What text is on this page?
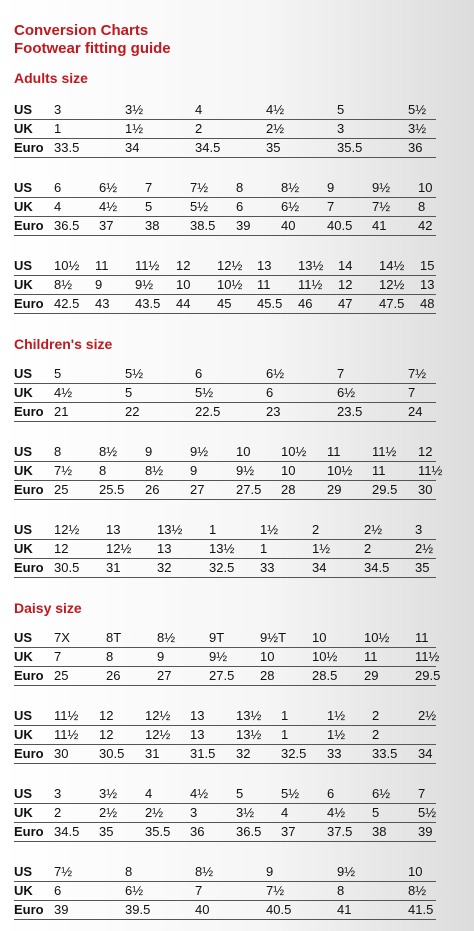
Conversion Charts
Footwear fitting guide
Adults size
US 3	3½	4	4½	5	5½
UK 1	1½	2	2½	3	3½
Euro 33.5	34	34.5	35	35.5	36
US 6	6½ 7	7½ 8	8½ 9	9½ 10
UK 4	4½ 5	5½ 6	6½ 7	7½ 8
Euro 36.5 37 38 38.5 39 40 40.5 41 42
US 10½ 11 11½ 12 12½ 13 13½ 14 14½ 15
UK 8½ 9	9½ 10 10½ 11 11½ 12 12½ 13
Euro 42.5 43 43.5 44 45 45.5 46 47 47.5 48
Children's size
US 5	5½	6	6½	7	7½
UK 4½	5	5½	6	6½	7
Euro 21	22	22.5	23	23.5	24
US 8	8½ 9	9½ 10 10½ 11 11½ 12
UK 7½ 8	8½ 9	9½ 10 10½ 11	11½
Euro 25 25.5 26 27 27.5 28 29 29.5 30
US 12½ 13	13½ 1	1½	2	2½	3
UK 12	12½ 13	13½ 1	1½	2	2½
Euro 30.5 31	32	32.5 33	34	34.5 35
Daisy size
US 7X	8T	8½	9T	9½T 10	10½ 11
UK 7	8	9	9½	10	10½ 11	11½
Euro 25	26	27	27.5 28	28.5 29	29.5
US 11½ 12 12½ 13 13½ 1	1½ 2	2½
UK 11½ 12 12½ 13 13½ 1	1½ 2
Euro 30 30.5 31 31.5 32 32.5 33 33.5 34
US 3	3½ 4	4½ 5	5½ 6	6½ 7
UK 2	2½ 2½ 3	3½ 4	4½ 5	5½
Euro 34.5 35 35.5 36 36.5 37 37.5 38 39
US 7½	8	8½	9	9½	10
UK 6	6½	7	7½	8	8½
Euro 39	39.5	40	40.5	41	41.5
